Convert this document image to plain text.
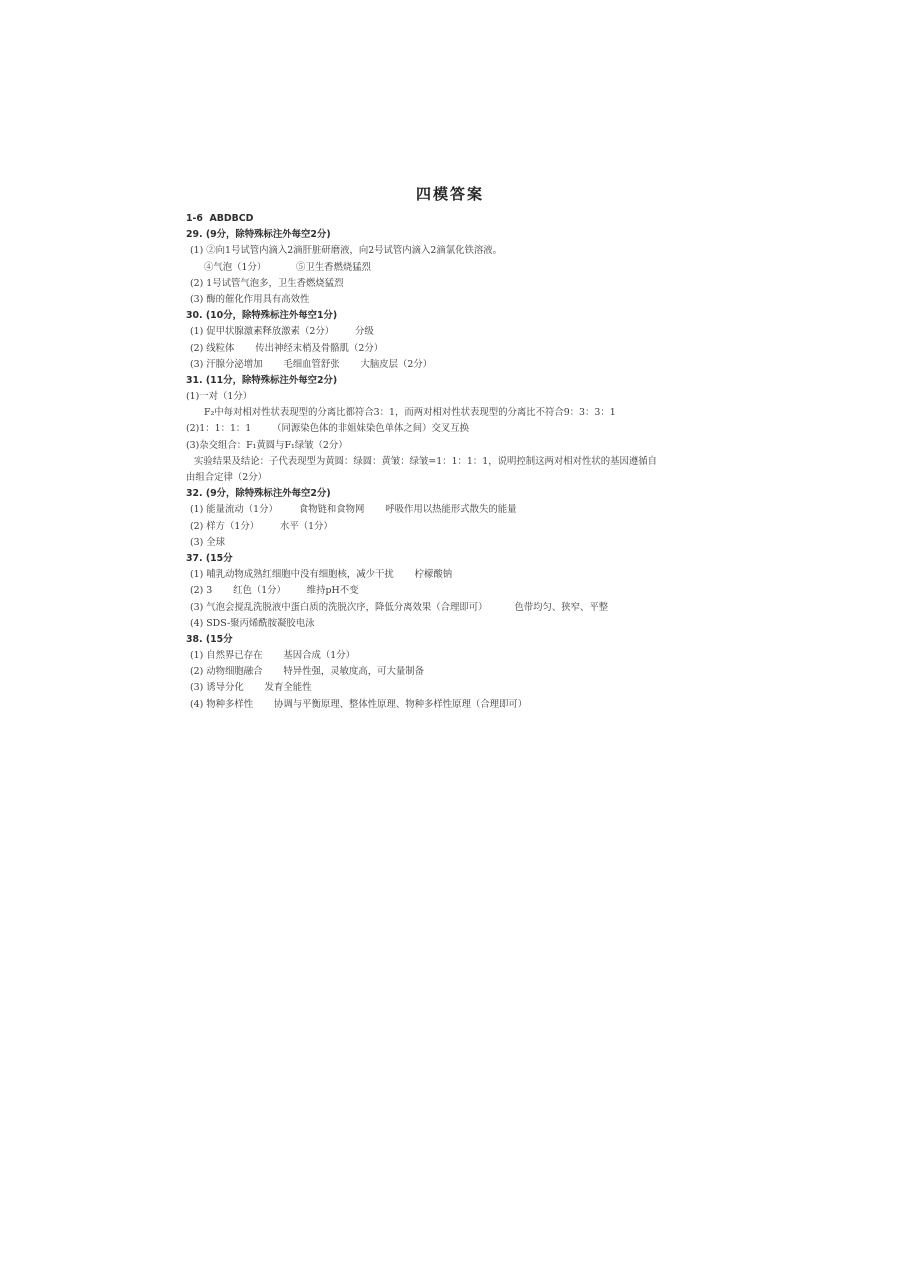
四模答案
1-6  ABDBCD
29. (9分，除特殊标注外每空2分)
(1) ②向1号试管内滴入2滴肝脏研磨液，向2号试管内滴入2滴氯化铁溶液。
④气泡（1分）          ⑤卫生香燃烧猛烈
(2) 1号试管气泡多，卫生香燃烧猛烈
(3) 酶的催化作用具有高效性
30. (10分，除特殊标注外每空1分)
(1) 促甲状腺激素释放激素（2分）       分级
(2) 线粒体       传出神经末梢及骨骼肌（2分）
(3) 汗腺分泌增加       毛细血管舒张       大脑皮层（2分）
31. (11分，除特殊标注外每空2分)
(1)一对（1分）
F₂中每对相对性状表现型的分离比都符合3：1，而两对相对性状表现型的分离比不符合9：3：3：1
(2)1：1：1：1       （同源染色体的非姐妹染色单体之间）交叉互换
(3)杂交组合：F₁黄圆与F₁绿皱（2分）
实验结果及结论：子代表现型为黄圆：绿圆：黄皱：绿皱=1：1：1：1，说明控制这两对相对性状的基因遵循自
由组合定律（2分）
32. (9分，除特殊标注外每空2分)
(1) 能量流动（1分）       食物链和食物网       呼吸作用以热能形式散失的能量
(2) 样方（1分）       水平（1分）
(3) 全球
37. (15分
(1) 哺乳动物成熟红细胞中没有细胞核，减少干扰       柠檬酸钠
(2) 3       红色（1分）       维持pH不变
(3) 气泡会搅乱洗脱液中蛋白质的洗脱次序，降低分离效果（合理即可）         色带均匀、狭窄、平整
(4) SDS-聚丙烯酰胺凝胶电泳
38. (15分
(1) 自然界已存在       基因合成（1分）
(2) 动物细胞融合       特异性强，灵敏度高，可大量制备
(3) 诱导分化       发育全能性
(4) 物种多样性       协调与平衡原理、整体性原理、物种多样性原理（合理即可）
